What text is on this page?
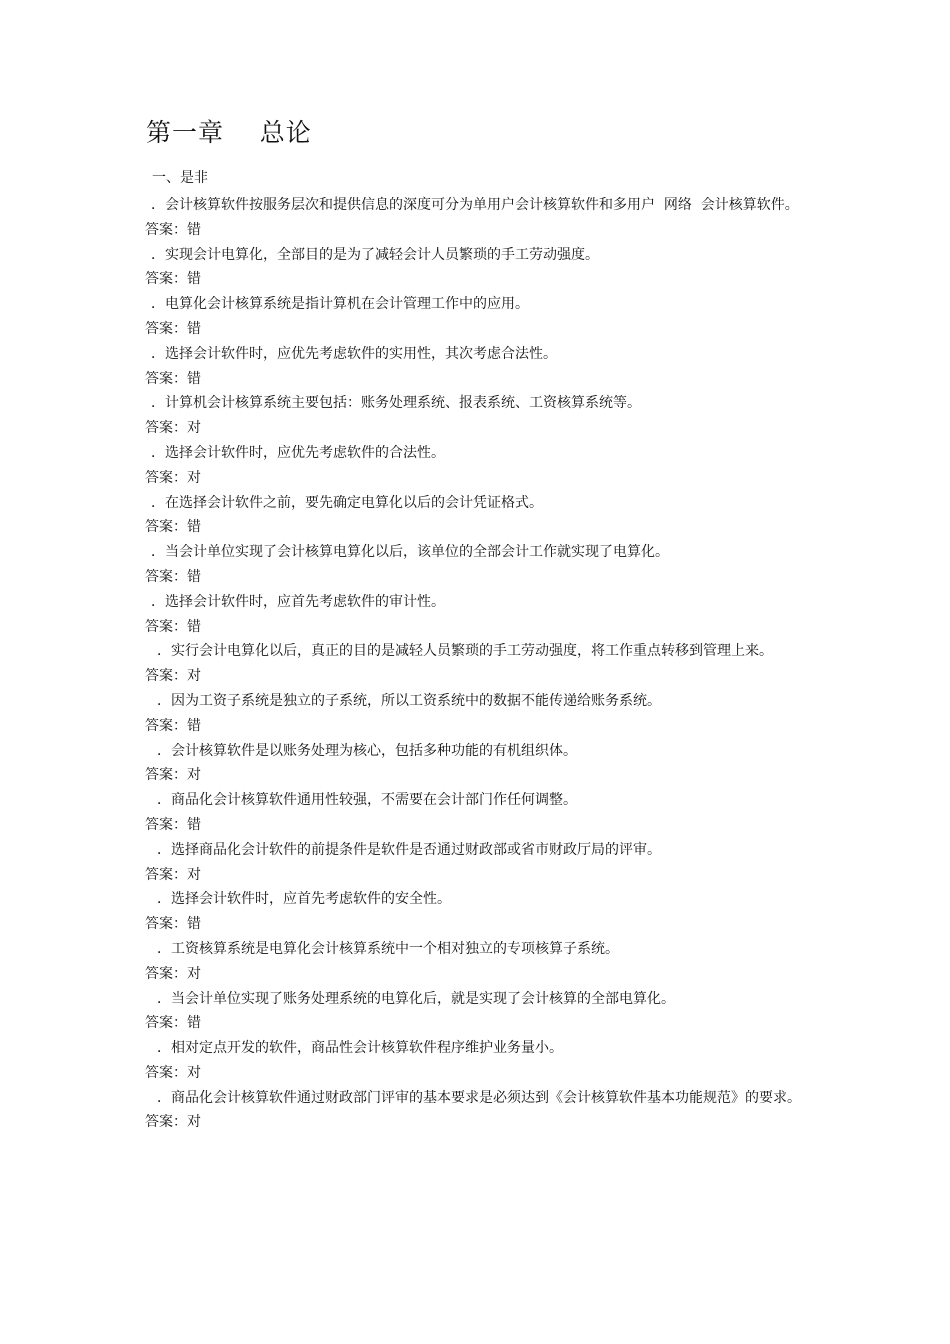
第一章    总论
一、是非
．会计核算软件按服务层次和提供信息的深度可分为单用户会计核算软件和多用户  网络  会计核算软件。
答案：错
．实现会计电算化，全部目的是为了减轻会计人员繁琐的手工劳动强度。
答案：错
．电算化会计核算系统是指计算机在会计管理工作中的应用。
答案：错
．选择会计软件时，应优先考虑软件的实用性，其次考虑合法性。
答案：错
．计算机会计核算系统主要包括：账务处理系统、报表系统、工资核算系统等。
答案：对
．选择会计软件时，应优先考虑软件的合法性。
答案：对
．在选择会计软件之前，要先确定电算化以后的会计凭证格式。
答案：错
．当会计单位实现了会计核算电算化以后，该单位的全部会计工作就实现了电算化。
答案：错
．选择会计软件时，应首先考虑软件的审计性。
答案：错
．实行会计电算化以后，真正的目的是减轻人员繁琐的手工劳动强度，将工作重点转移到管理上来。
答案：对
．因为工资子系统是独立的子系统，所以工资系统中的数据不能传递给账务系统。
答案：错
．会计核算软件是以账务处理为核心，包括多种功能的有机组织体。
答案：对
．商品化会计核算软件通用性较强，不需要在会计部门作任何调整。
答案：错
．选择商品化会计软件的前提条件是软件是否通过财政部或省市财政厅局的评审。
答案：对
．选择会计软件时，应首先考虑软件的安全性。
答案：错
．工资核算系统是电算化会计核算系统中一个相对独立的专项核算子系统。
答案：对
．当会计单位实现了账务处理系统的电算化后，就是实现了会计核算的全部电算化。
答案：错
．相对定点开发的软件，商品性会计核算软件程序维护业务量小。
答案：对
．商品化会计核算软件通过财政部门评审的基本要求是必须达到《会计核算软件基本功能规范》的要求。
答案：对
